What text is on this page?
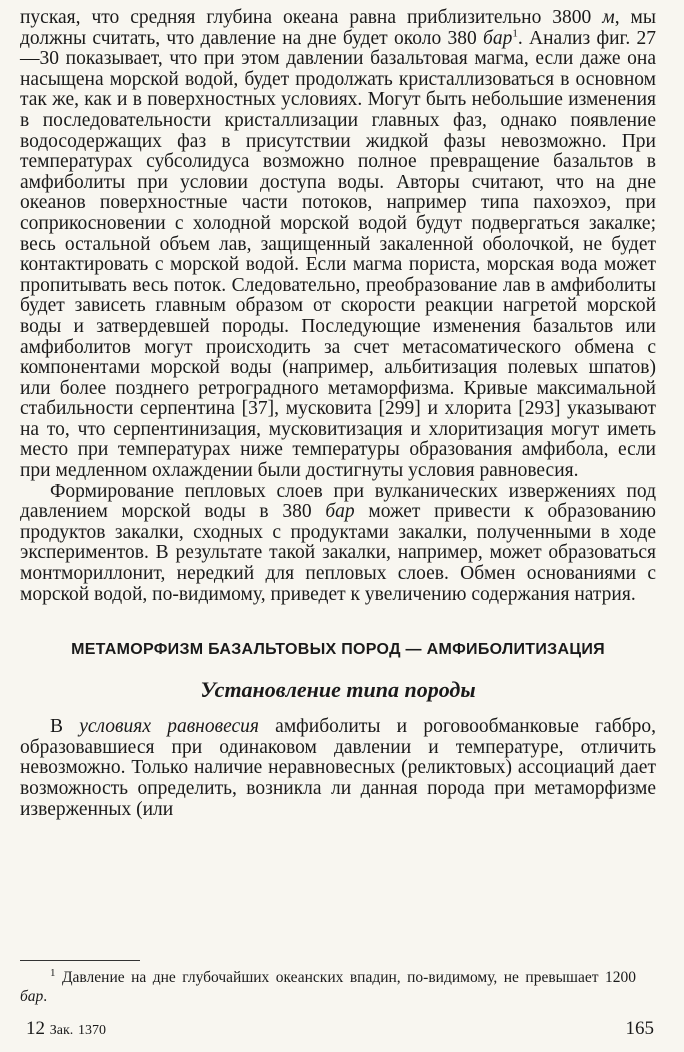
пуская, что средняя глубина океана равна приблизительно 3800 м, мы должны считать, что давление на дне будет около 380 бар$^1$. Анализ фиг. 27—30 показывает, что при этом давлении базальтовая магма, если даже она насыщена морской водой, будет продолжать кристаллизоваться в основном так же, как и в поверхностных условиях. Могут быть небольшие изменения в последовательности кристаллизации главных фаз, однако появление водосодержащих фаз в присутствии жидкой фазы невозможно. При температурах субсолидуса возможно полное превращение базальтов в амфиболиты при условии доступа воды. Авторы считают, что на дне океанов поверхностные части потоков, например типа пахоэхоэ, при соприкосновении с холодной морской водой будут подвергаться закалке; весь остальной объем лав, защищенный закаленной оболочкой, не будет контактировать с морской водой. Если магма пориста, морская вода может пропитывать весь поток. Следовательно, преобразование лав в амфиболиты будет зависеть главным образом от скорости реакции нагретой морской воды и затвердевшей породы. Последующие изменения базальтов или амфиболитов могут происходить за счет метасоматического обмена с компонентами морской воды (например, альбитизация полевых шпатов) или более позднего ретроградного метаморфизма. Кривые максимальной стабильности серпентина [37], мусковита [299] и хлорита [293] указывают на то, что серпентинизация, мусковитизация и хлоритизация могут иметь место при температурах ниже температуры образования амфибола, если при медленном охлаждении были достигнуты условия равновесия.

Формирование пепловых слоев при вулканических извержениях под давлением морской воды в 380 бар может привести к образованию продуктов закалки, сходных с продуктами закалки, полученными в ходе экспериментов. В результате такой закалки, например, может образоваться монтмориллонит, нередкий для пепловых слоев. Обмен основаниями с морской водой, по-видимому, приведет к увеличению содержания натрия.

МЕТАМОРФИЗМ БАЗАЛЬТОВЫХ ПОРОД — АМФИБОЛИТИЗАЦИЯ
Установление типа породы

В условиях равновесия амфиболиты и роговообманковые габбро, образовавшиеся при одинаковом давлении и температуре, отличить невозможно. Только наличие неравновесных (реликтовых) ассоциаций дает возможность определить, возникла ли данная порода при метаморфизме изверженных (или

$^1$ Давление на дне глубочайших океанских впадин, по-видимому, не превышает 1200 бар.
12 Зак. 1370	165
